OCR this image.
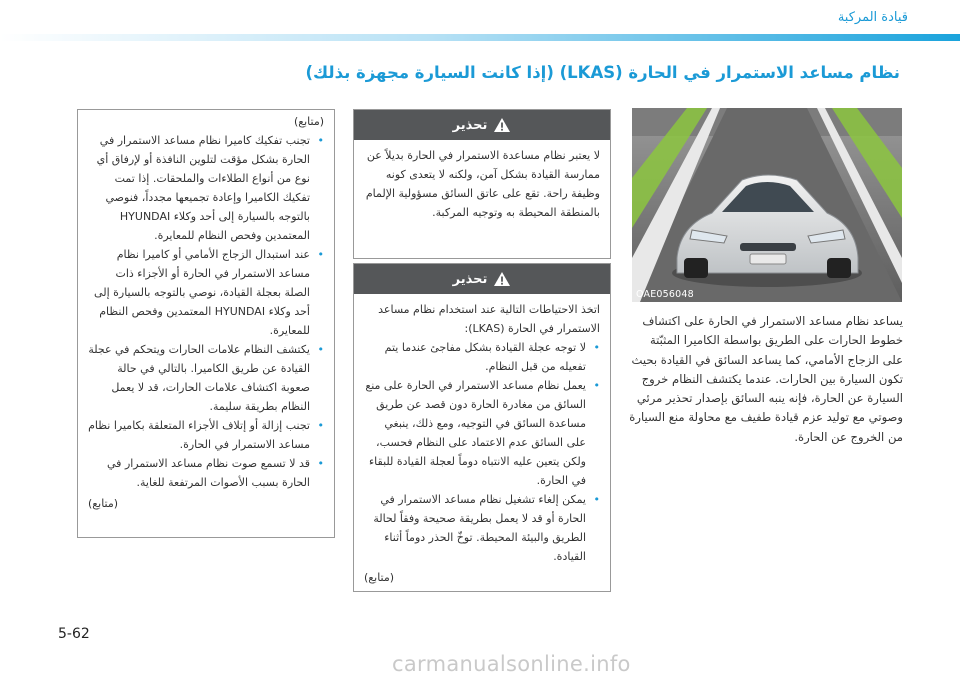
قيادة المركبة
نظام مساعد الاستمرار في الحارة (LKAS) (إذا كانت السيارة مجهزة بذلك)
OAE056048
يساعد نظام مساعد الاستمرار في الحارة على اكتشاف خطوط الحارات على الطريق بواسطة الكاميرا المثبّتة على الزجاج الأمامي، كما يساعد السائق في القيادة بحيث تكون السيارة بين الحارات. عندما يكتشف النظام خروج السيارة عن الحارة، فإنه ينبه السائق بإصدار تحذير مرئي وصوتي مع تولید عزم قیادة طفیف مع محاولة منع السیارة من الخروج عن الحارة.
تحذير

لا يعتبر نظام مساعدة الاستمرار في الحارة بديلاً عن ممارسة القيادة بشكل آمن، ولكنه لا يتعدى كونه وظيفة راحة. تقع على عاتق السائق مسؤولية الإلمام بالمنطقة المحيطة به وتوجيه المركبة.

تحذير

اتخذ الاحتياطات التالية عند استخدام نظام مساعد الاستمرار في الحارة (LKAS):

• لا توجه عجلة القيادة بشكل مفاجئ عندما يتم تفعيله من قبل النظام.
• يعمل نظام مساعد الاستمرار في الحارة على منع السائق من مغادرة الحارة دون قصد عن طريق مساعدة السائق في التوجيه، ومع ذلك، ينبغي على السائق عدم الاعتماد على النظام فحسب، ولكن يتعين عليه الانتباه دوماً لعجلة القيادة للبقاء في الحارة.
• يمكن إلغاء تشغيل نظام مساعد الاستمرار في الحارة أو قد لا يعمل بطريقة صحيحة وفقاً لحالة الطريق والبيئة المحيطة. توخّ الحذر دوماً أثناء القيادة.
(متابع)
(متابع)
• تجنب تفكيك كاميرا نظام مساعد الاستمرار في الحارة بشكل مؤقت لتلوين النافذة أو لإرفاق أي نوع من أنواع الطلاءات والملحقات. إذا تمت تفكيك الكاميرا وإعادة تجميعها مجدداً، فنوصي بالتوجه بالسيارة إلى أحد وكلاء HYUNDAI المعتمدين وفحص النظام للمعايرة.
• عند استبدال الزجاج الأمامي أو كاميرا نظام مساعد الاستمرار في الحارة أو الأجزاء ذات الصلة بعجلة القيادة، نوصي بالتوجه بالسيارة إلى أحد وكلاء HYUNDAI المعتمدين وفحص النظام للمعايرة.
• يكتشف النظام علامات الحارات ويتحكم في عجلة القيادة عن طريق الكاميرا. بالتالي في حالة صعوبة اكتشاف علامات الحارات، قد لا يعمل النظام بطريقة سليمة.
• تجنب إزالة أو إتلاف الأجزاء المتعلقة بكاميرا نظام مساعد الاستمرار في الحارة.
• قد لا تسمع صوت نظام مساعد الاستمرار في الحارة بسبب الأصوات المرتفعة للغاية.
(متابع)
5-62
carmanualsonline.info
